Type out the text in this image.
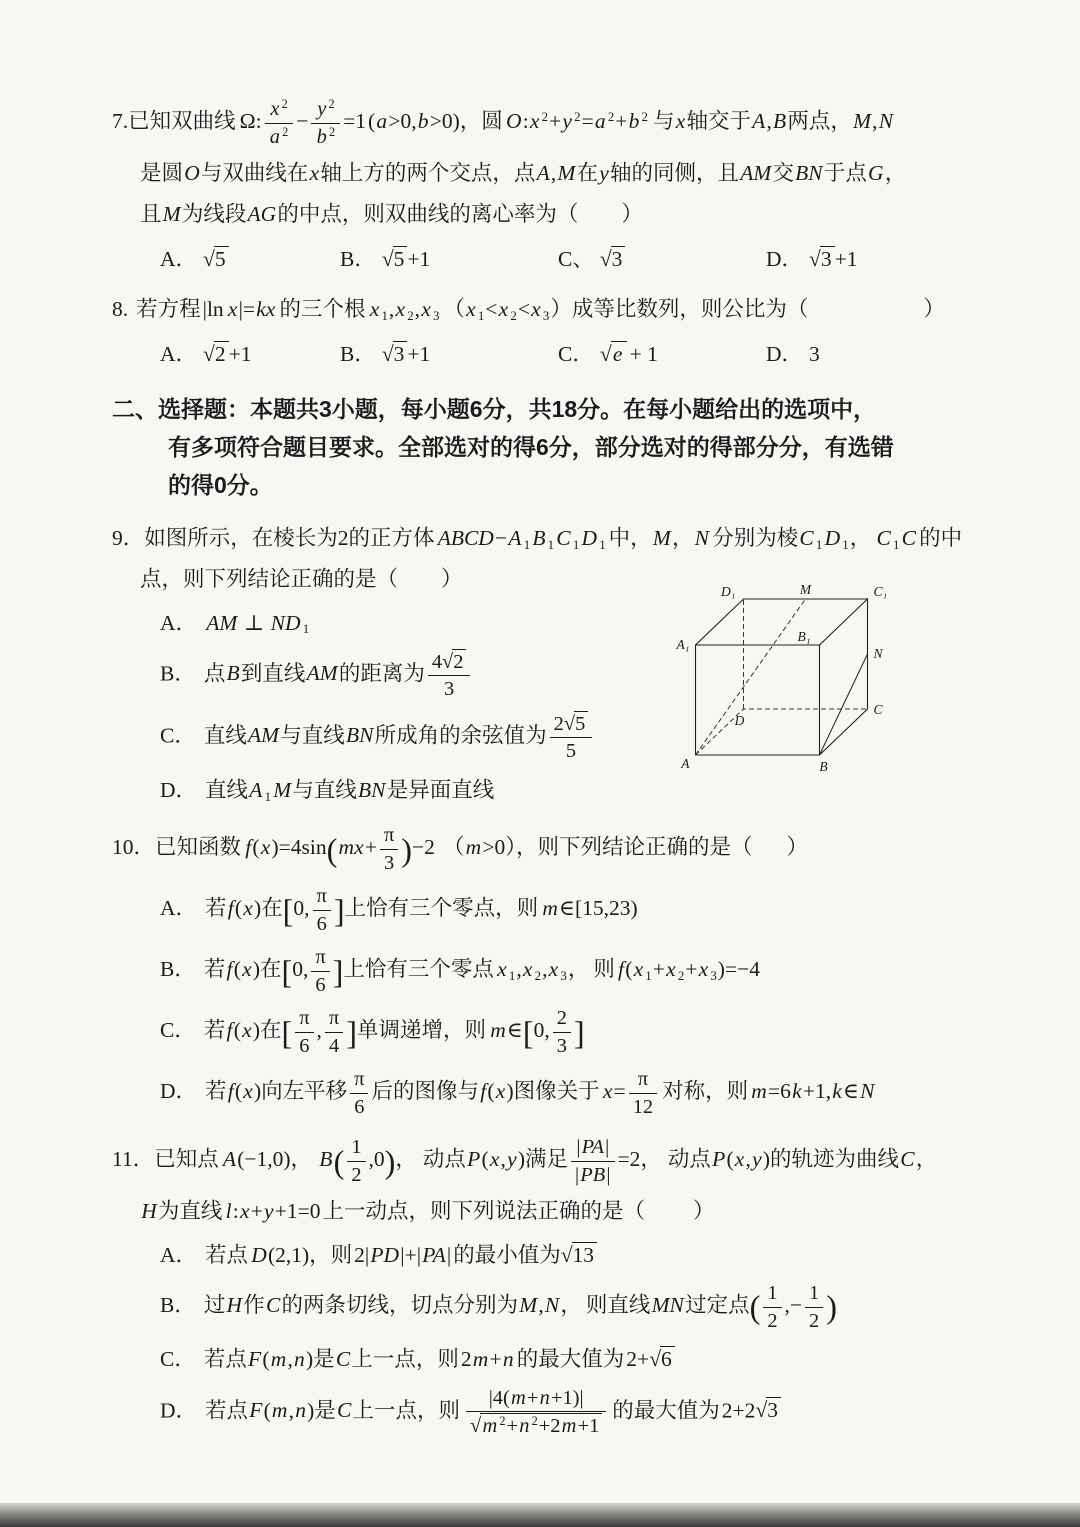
7.已知双曲线 Ω: $\frac{x ^2}{a ^2} - \frac{y ^2}{b ^2} =1(a>0,b>0)$，圆 O:x $^2$+y $^2$=a $^2$+b $^2$ 与x轴交于A,B两点，M,N
是圆O与双曲线在x轴上方的两个交点，点A,M在y轴的同侧，且AM交BN于点G，
且M为线段AG的中点，则双曲线的离心率为（　　）
A． √5	B． √5 +1	C、 √3	D． √3 +1
8. 若方程|ln x|=kx 的三个根 x $_1$,x $_2$,x $_3$ （x $_1$<x $_2$<x $_3$）成等比数列，则公比为（	）
A． √2 +1	B． √3 +1	C． √e + 1	D． 3
二、选择题：本题共3小题，每小题6分，共18分。在每小题给出的选项中，
有多项符合题目要求。全部选对的得6分，部分选对的得部分分，有选错
的得0分。
9．如图所示，在棱长为2的正方体 ABCD−A $_1$ B $_1$ C $_1$ D $_1$ 中，M，N 分别为棱C $_1$ D $_1$， C $_1$ C 的中
点，则下列结论正确的是（　　）
A． AM ⊥ ND $_1$
B． 点B到直线AM的距离为 $\frac{4√2}{3}$
C． 直线AM与直线BN所成角的余弦值为 $\frac{2√5}{5}$
D． 直线A $_1$ M与直线BN是异面直线
D₁	M	C₁
A₁
B₁
N
D
C
A	B
10．已知函数 $f(x)=4\sin(mx+ \frac{\pi}{3} )-2$ （m>0），则下列结论正确的是（ ）
A． 若f(x)在[0, $\frac{\pi}{6}$ ]上恰有三个零点，则 m∈[15,23)
B． 若f(x)在[0, $\frac{\pi}{6}$ ]上恰有三个零点 x $_1$,x $_2$,x $_3$， 则 f(x $_1$+x $_2$+x $_3$)=−4
C． 若f(x)在[ $\frac{\pi}{6}$ , $\frac{\pi}{4}$ ]单调递增，则 m∈[0, $\frac{2}{3}$ ]
D． 若f(x)向左平移 $\frac{\pi}{6}$ 后的图像与f(x)图像关于 $x= \frac{\pi}{12}$ 对称，则 m=6k+1,k∈N
11．已知点 A(−1,0)， $B( \frac{1}{2} ,0)$， 动点P(x,y)满足 $\frac{|PA|}{|PB|} =2$， 动点P(x,y)的轨迹为曲线C，
H为直线 l:x+y+1=0上一动点，则下列说法正确的是（ ）
A． 若点 D(2,1)，则2|PD|+|PA|的最小值为√13
B． 过H作C的两条切线，切点分别为M,N， 则直线MN过定点( $\frac{1}{2}$ ,− $\frac{1}{2}$ )
C． 若点F(m,n)是C上一点，则2m+n 的最大值为2+√6
D． 若点F(m,n)是C上一点，则 $\frac{|4(m+n+1)|}{√m ^2+n ^2+2m+1}$ 的最大值为2+2√3
